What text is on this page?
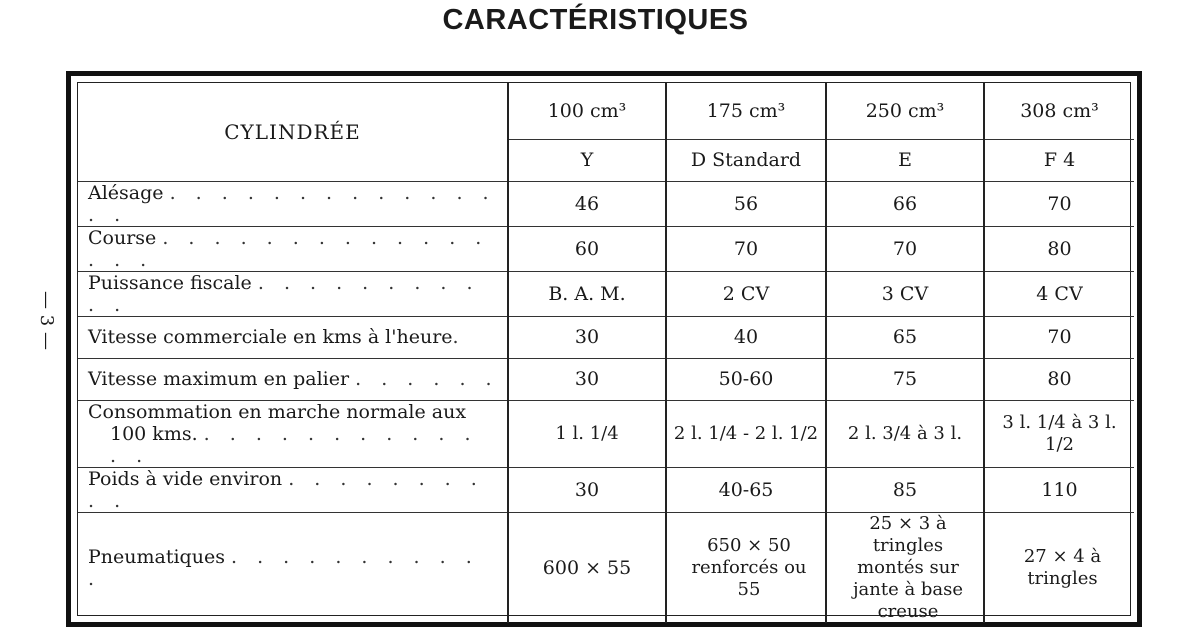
CARACTÉRISTIQUES
— 3 —
CYLINDRÉE	100 cm³	175 cm³	250 cm³	308 cm³
	Y	D Standard	E	F 4
Alésage . . . . . . . . . . . . . . .	46	56	66	70
Course . . . . . . . . . . . . . . . .	60	70	70	80
Puissance fiscale . . . . . . . . . . .	B. A. M.	2 CV	3 CV	4 CV
Vitesse commerciale en kms à l'heure.	30	40	65	70
Vitesse maximum en palier . . . . . .	30	50-60	75	80

Consommation en marche normale aux
100 kms. . . . . . . . . . . . . .	1 l. 1/4	2 l. 1/4 - 2 l. 1/2	2 l. 3/4 à 3 l.	3 l. 1/4 à 3 l. 1/2
Poids à vide environ . . . . . . . . . .	30	40-65	85	110
Pneumatiques . . . . . . . . . . .	600 × 55	650 × 50 renforcés ou 55	25 × 3 à tringles montés sur jante à base creuse	27 × 4 à tringles
